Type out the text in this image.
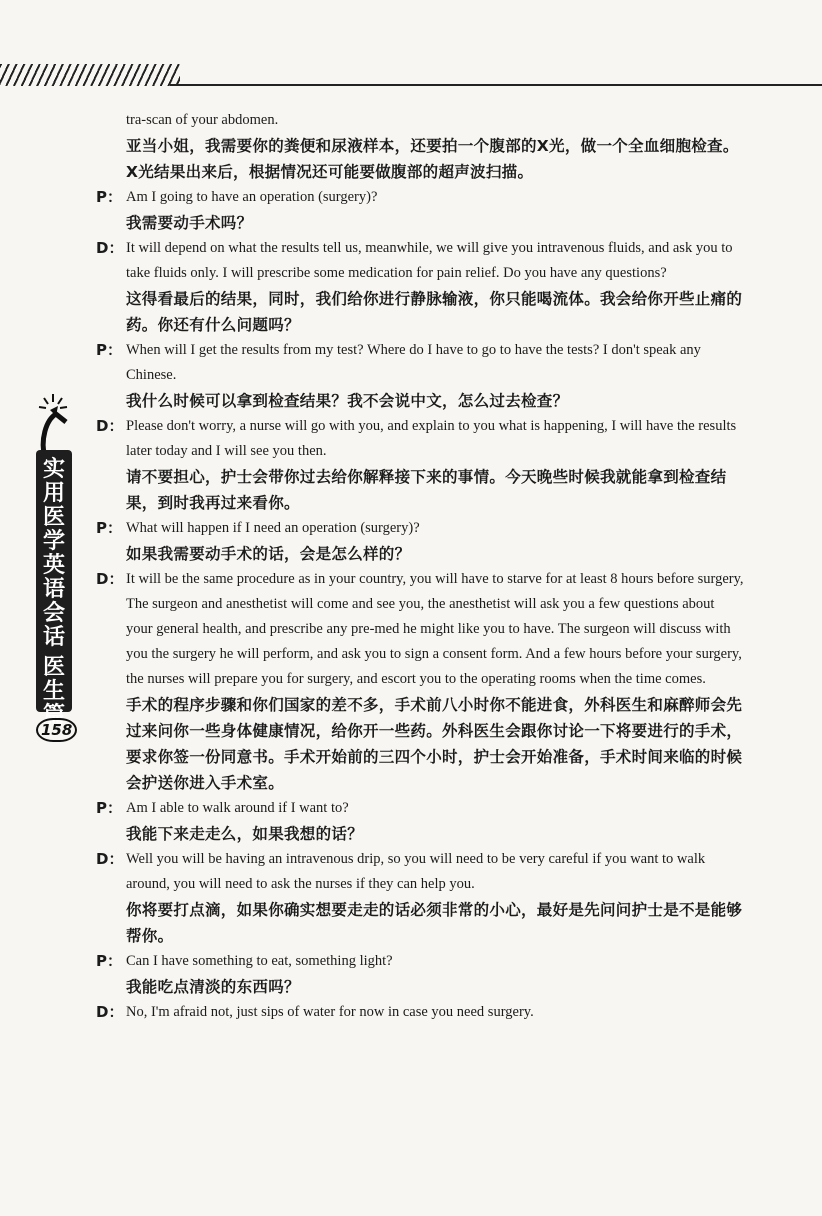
实
用
医
学
英
语
会
话
医
生
篇
158
tra-scan of your abdomen.
亚当小姐，我需要你的粪便和尿液样本，还要拍一个腹部的X光，做一个全血细胞检查。X光结果出来后，根据情况还可能要做腹部的超声波扫描。
P： Am I going to have an operation (surgery)?
我需要动手术吗？
D： It will depend on what the results tell us, meanwhile, we will give you intravenous fluids, and ask you to take fluids only. I will prescribe some medication for pain relief. Do you have any questions?
这得看最后的结果，同时，我们给你进行静脉输液，你只能喝流体。我会给你开些止痛的药。你还有什么问题吗？
P： When will I get the results from my test? Where do I have to go to have the tests? I don't speak any Chinese.
我什么时候可以拿到检查结果？我不会说中文，怎么过去检查？
D： Please don't worry, a nurse will go with you, and explain to you what is happening, I will have the results later today and I will see you then.
请不要担心，护士会带你过去给你解释接下来的事情。今天晚些时候我就能拿到检查结果，到时我再过来看你。
P： What will happen if I need an operation (surgery)?
如果我需要动手术的话，会是怎么样的？
D： It will be the same procedure as in your country, you will have to starve for at least 8 hours before surgery, The surgeon and anesthetist will come and see you, the anesthetist will ask you a few questions about your general health, and prescribe any pre-med he might like you to have. The surgeon will discuss with you the surgery he will perform, and ask you to sign a consent form. And a few hours before your surgery, the nurses will prepare you for surgery, and escort you to the operating rooms when the time comes.
手术的程序步骤和你们国家的差不多，手术前八小时你不能进食，外科医生和麻醉师会先过来问你一些身体健康情况，给你开一些药。外科医生会跟你讨论一下将要进行的手术，要求你签一份同意书。手术开始前的三四个小时，护士会开始准备，手术时间来临的时候会护送你进入手术室。
P： Am I able to walk around if I want to?
我能下来走走么，如果我想的话？
D： Well you will be having an intravenous drip, so you will need to be very careful if you want to walk around, you will need to ask the nurses if they can help you.
你将要打点滴，如果你确实想要走走的话必须非常的小心，最好是先问问护士是不是能够帮你。
P： Can I have something to eat, something light?
我能吃点清淡的东西吗？
D： No, I'm afraid not, just sips of water for now in case you need surgery.
